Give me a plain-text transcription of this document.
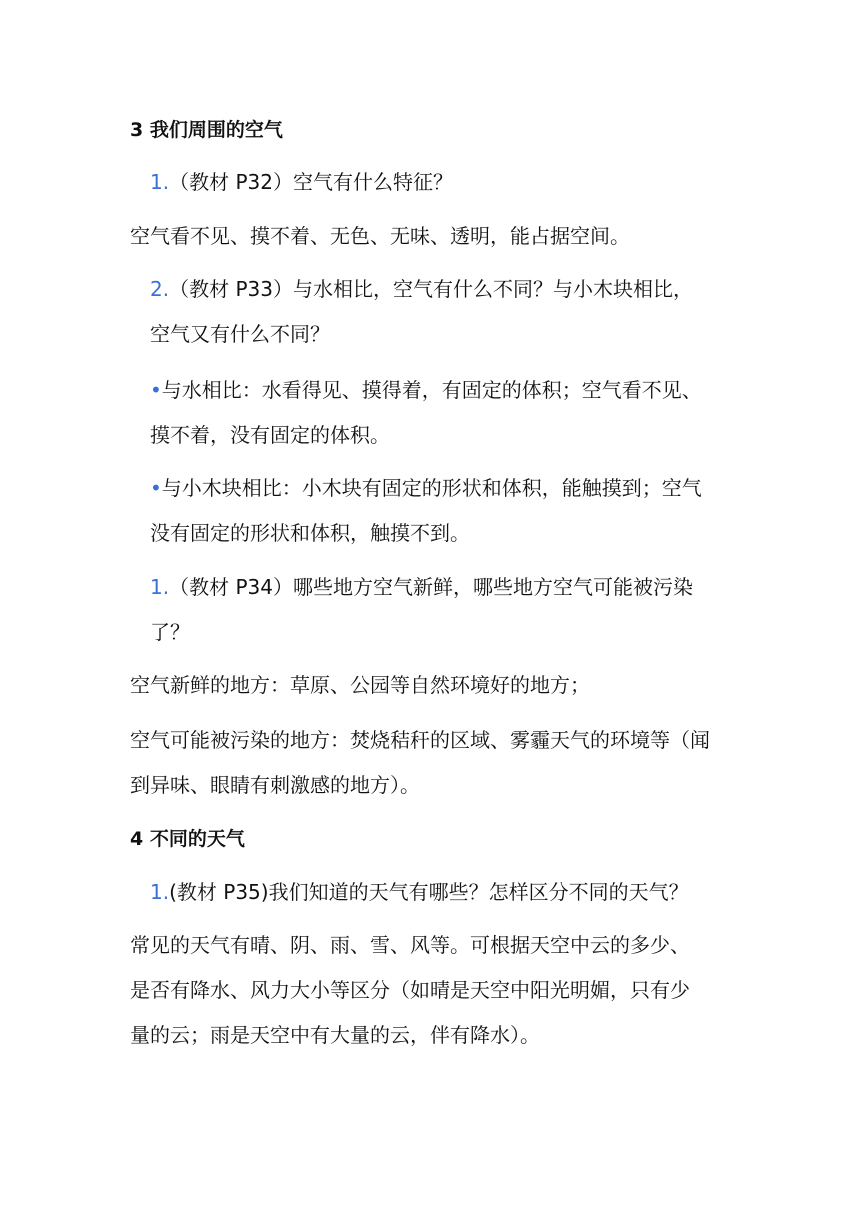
3 我们周围的空气
1.（教材 P32）空气有什么特征？
空气看不见、摸不着、无色、无味、透明，能占据空间。
2.（教材 P33）与水相比，空气有什么不同？与小木块相比，
空气又有什么不同？
•与水相比：水看得见、摸得着，有固定的体积；空气看不见、
摸不着，没有固定的体积。
•与小木块相比：小木块有固定的形状和体积，能触摸到；空气
没有固定的形状和体积，触摸不到。
1.（教材 P34）哪些地方空气新鲜，哪些地方空气可能被污染
了？
空气新鲜的地方：草原、公园等自然环境好的地方；
空气可能被污染的地方：焚烧秸秆的区域、雾霾天气的环境等（闻
到异味、眼睛有刺激感的地方）。
4 不同的天气
1.(教材 P35)我们知道的天气有哪些？怎样区分不同的天气？
常见的天气有晴、阴、雨、雪、风等。可根据天空中云的多少、
是否有降水、风力大小等区分（如晴是天空中阳光明媚，只有少
量的云；雨是天空中有大量的云，伴有降水）。
